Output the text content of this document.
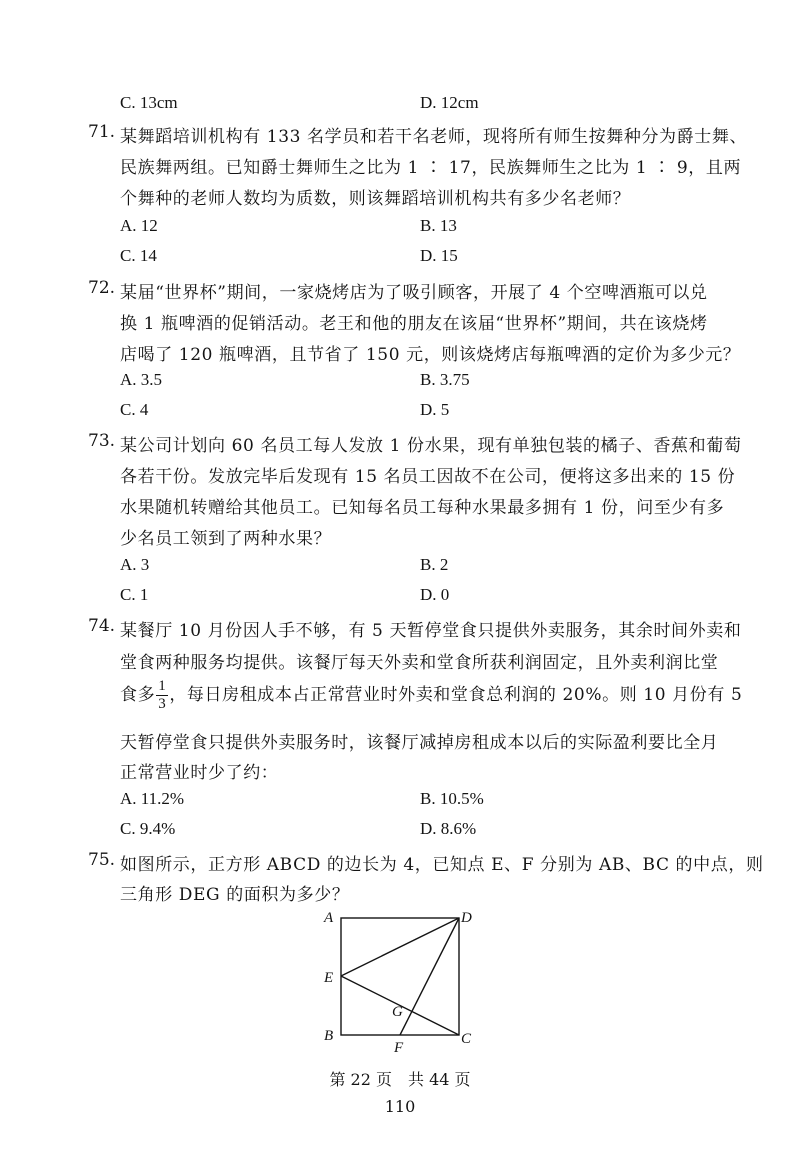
C. 13cm	D. 12cm
71. 某舞蹈培训机构有 133 名学员和若干名老师，现将所有师生按舞种分为爵士舞、
民族舞两组。已知爵士舞师生之比为 1 ∶ 17，民族舞师生之比为 1 ∶ 9，且两
个舞种的老师人数均为质数，则该舞蹈培训机构共有多少名老师？
A. 12	B. 13
C. 14	D. 15
72. 某届“世界杯”期间，一家烧烤店为了吸引顾客，开展了 4 个空啤酒瓶可以兑
换 1 瓶啤酒的促销活动。老王和他的朋友在该届“世界杯”期间，共在该烧烤
店喝了 120 瓶啤酒，且节省了 150 元，则该烧烤店每瓶啤酒的定价为多少元？
A. 3.5	B. 3.75
C. 4	D. 5
73. 某公司计划向 60 名员工每人发放 1 份水果，现有单独包装的橘子、香蕉和葡萄
各若干份。发放完毕后发现有 15 名员工因故不在公司，便将这多出来的 15 份
水果随机转赠给其他员工。已知每名员工每种水果最多拥有 1 份，问至少有多
少名员工领到了两种水果？
A. 3	B. 2
C. 1	D. 0
74. 某餐厅 10 月份因人手不够，有 5 天暂停堂食只提供外卖服务，其余时间外卖和
堂食两种服务均提供。该餐厅每天外卖和堂食所获利润固定，且外卖利润比堂
食多 $\frac{1}{3}$ ，每日房租成本占正常营业时外卖和堂食总利润的 20%。则 10 月份有 5
天暂停堂食只提供外卖服务时，该餐厅减掉房租成本以后的实际盈利要比全月
正常营业时少了约：
A. 11.2%	B. 10.5%
C. 9.4%	D. 8.6%
75. 如图所示，正方形 ABCD 的边长为 4，已知点 E、F 分别为 AB、BC 的中点，则
三角形 DEG 的面积为多少？
A	D
E
B	C
G
F
第 22 页　共 44 页
110
